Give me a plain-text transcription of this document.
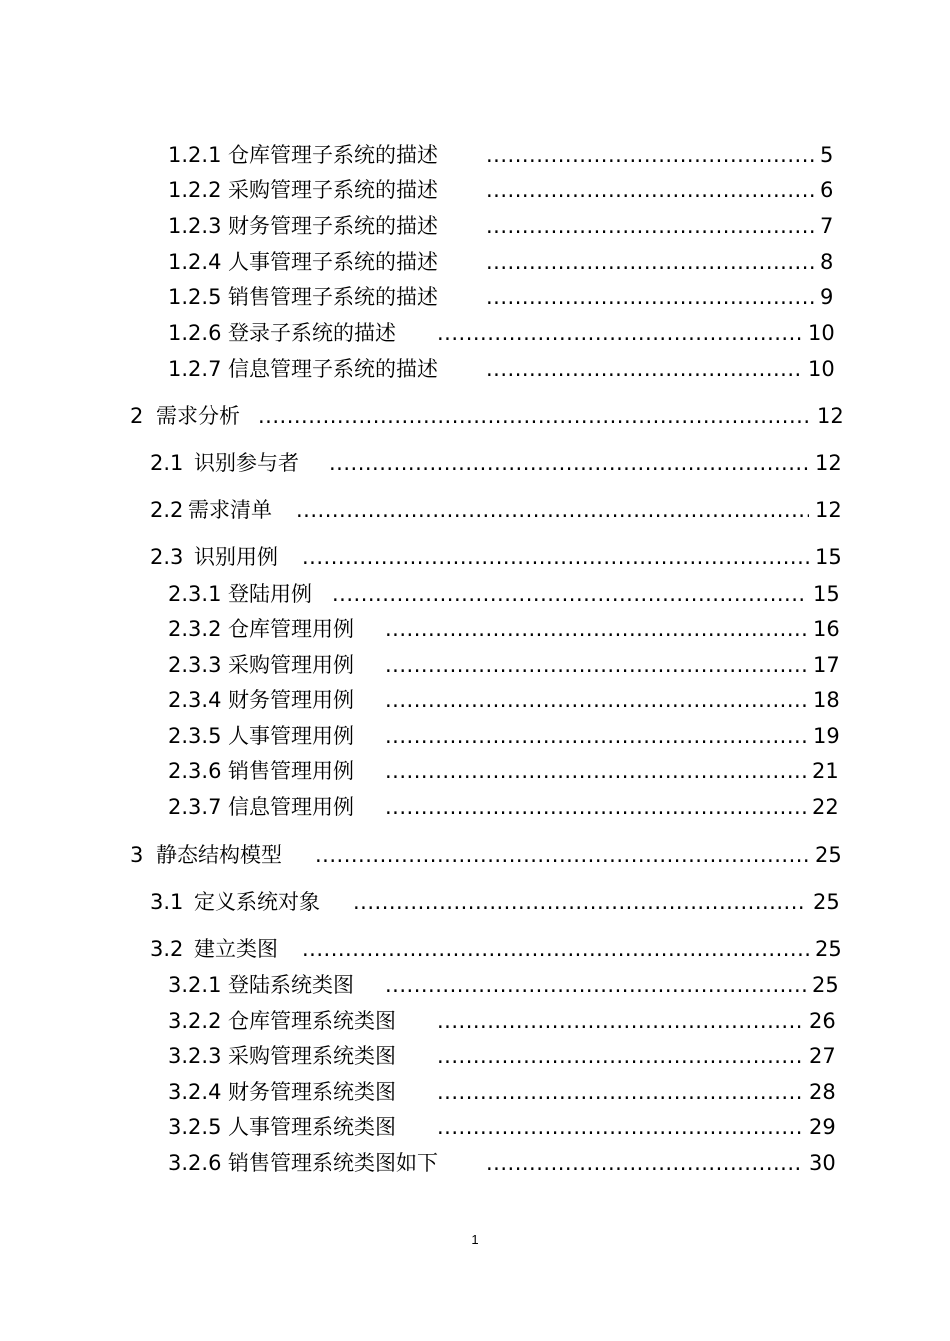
1.2.1 仓库管理子系统的描述 .....	5
1.2.2 采购管理子系统的描述 .....	6
1.2.3 财务管理子系统的描述 .....	7
1.2.4 人事管理子系统的描述 .....	8
1.2.5 销售管理子系统的描述 .....	9
1.2.6 登录子系统的描述 .....	10
1.2.7 信息管理子系统的描述 .....	10
2 需求分析 .....	12
2.1 识别参与者 .....	12
2.2 需求清单 .....	12
2.3 识别用例 .....	15
2.3.1 登陆用例 .....	15
2.3.2 仓库管理用例 .....	16
2.3.3 采购管理用例 .....	17
2.3.4 财务管理用例 .....	18
2.3.5 人事管理用例 .....	19
2.3.6 销售管理用例 .....	21
2.3.7 信息管理用例 .....	22
3 静态结构模型 .....	25
3.1 定义系统对象 .....	25
3.2 建立类图 .....	25
3.2.1 登陆系统类图 .....	25
3.2.2 仓库管理系统类图 .....	26
3.2.3 采购管理系统类图 .....	27
3.2.4 财务管理系统类图 .....	28
3.2.5 人事管理系统类图 .....	29
3.2.6 销售管理系统类图如下 .....	30
1
